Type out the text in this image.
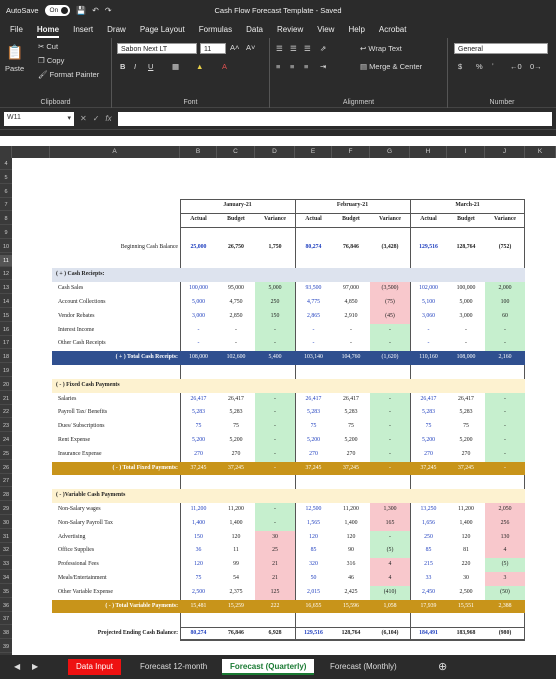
AutoSave On 💾 ↶ ↷	Cash Flow Forecast Template - Saved
File Home Insert Draw Page Layout Formulas Data Review View Help Acrobat
📋
Paste
✂ Cut
❐ Copy
🖌 Format Painter
Clipboard
Sabon Next LT	11	A˄ A˅
B I U ▦ ▲ A
Font
☰ ☰ ☰ ⇗	↩ Wrap Text
≡ ≡ ≡ ⇥	▤ Merge & Center
Alignment
General
$ % ʼ ←0 0→
Number
W11	▾ ✕ ✓ fx
A	B	C	D	E	F	G	H	I	J	K
4
5
6
7
8
9
10
11
12
13
14
15
16
17
18
19
20
21
22
23
24
25
26
27
28
29
30
31
32
33
34
35
36
37
38
39
January-21	February-21	March-21
Actual	Budget	Variance	Actual	Budget	Variance	Actual	Budget	Variance
Beginning Cash Balance	25,000	26,750	1,750	80,274	76,846	(3,428)	129,516	128,764	(752)
( + ) Cash Reciepts:
Cash Sales	100,000	95,000	5,000	93,500	97,000	(3,500)	102,000	100,000	2,000
Account Collections	5,000	4,750	250	4,775	4,850	(75)	5,100	5,000	100
Vendor Rebates	3,000	2,850	150	2,865	2,910	(45)	3,060	3,000	60
Interest Income	-	-	-	-	-	-	-	-	-
Other Cash Receipts	-	-	-	-	-	-	-	-	-
( + ) Total Cash Receipts:	108,000	102,600	5,400	103,140	104,760	(1,620)	110,160	108,000	2,160
( - ) Fixed Cash Payments
Salaries	26,417	26,417	-	26,417	26,417	-	26,417	26,417	-
Payroll Tax/ Benefits	5,283	5,283	-	5,283	5,283	-	5,283	5,283	-
Dues/ Subscriptions	75	75	-	75	75	-	75	75	-
Rent Expense	5,200	5,200	-	5,200	5,200	-	5,200	5,200	-
Insurance Expense	270	270	-	270	270	-	270	270	-
( - ) Total Fixed Payments:	37,245	37,245	-	37,245	37,245	-	37,245	37,245	-
( - )Variable Cash Payments
Non-Salary wages	11,200	11,200	-	12,500	11,200	1,300	13,250	11,200	2,050
Non-Salary Payroll Tax	1,400	1,400	-	1,565	1,400	165	1,656	1,400	256
Advertising	150	120	30	120	120	-	250	120	130
Office Supplies	36	11	25	85	90	(5)	85	81	4
Professional Fees	120	99	21	320	316	4	215	220	(5)
Meals/Entertainment	75	54	21	50	46	4	33	30	3
Other Variable Expense	2,500	2,375	125	2,015	2,425	(410)	2,450	2,500	(50)
( - ) Total Variable Payments:	15,481	15,259	222	16,655	15,596	1,058	17,939	15,551	2,388
Projected Ending Cash Balance:	80,274	76,846	6,928	129,516	128,764	(6,104)	184,491	183,968	(980)
◀	▶	Data Input	Forecast 12-month	Forecast (Quarterly)	Forecast (Monthly)	⊕
